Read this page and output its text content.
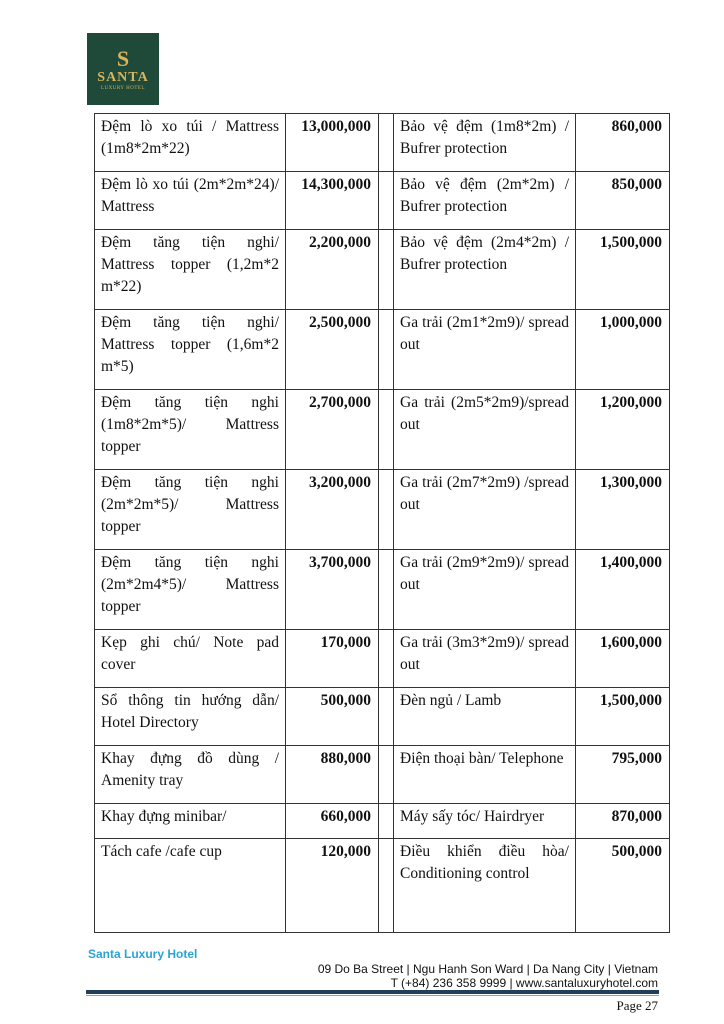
S
SANTA
LUXURY HOTEL
Đệm lò xo túi / Mattress (1m8*2m*22)	13,000,000		Bảo vệ đệm (1m8*2m) / Bufrer protection	860,000
Đệm lò xo túi (2m*2m*24)/ Mattress	14,300,000		Bảo vệ đệm (2m*2m) / Bufrer protection	850,000
Đệm tăng tiện nghi/ Mattress topper (1,2m*2 m*22)	2,200,000		Bảo vệ đệm (2m4*2m) / Bufrer protection	1,500,000
Đệm tăng tiện nghi/ Mattress topper (1,6m*2 m*5)	2,500,000		Ga trải (2m1*2m9)/ spread out	1,000,000
Đệm tăng tiện nghi (1m8*2m*5)/ Mattress topper	2,700,000		Ga trải (2m5*2m9)/spread out	1,200,000
Đệm tăng tiện nghi (2m*2m*5)/ Mattress topper	3,200,000		Ga trải (2m7*2m9) /spread out	1,300,000
Đệm tăng tiện nghi (2m*2m4*5)/ Mattress topper	3,700,000		Ga trải (2m9*2m9)/ spread out	1,400,000
Kẹp ghi chú/ Note pad cover	170,000		Ga trải (3m3*2m9)/ spread out	1,600,000
Sổ thông tin hướng dẫn/ Hotel Directory	500,000		Đèn ngủ / Lamb	1,500,000
Khay đựng đồ dùng / Amenity tray	880,000		Điện thoại bàn/ Telephone	795,000
Khay đựng minibar/	660,000		Máy sấy tóc/ Hairdryer	870,000
Tách cafe /cafe cup	120,000		Điều khiển điều hòa/ Conditioning control	500,000
Santa Luxury Hotel
09 Do Ba Street | Ngu Hanh Son Ward | Da Nang City | Vietnam
T (+84) 236 358 9999 | www.santaluxuryhotel.com
Page 27
